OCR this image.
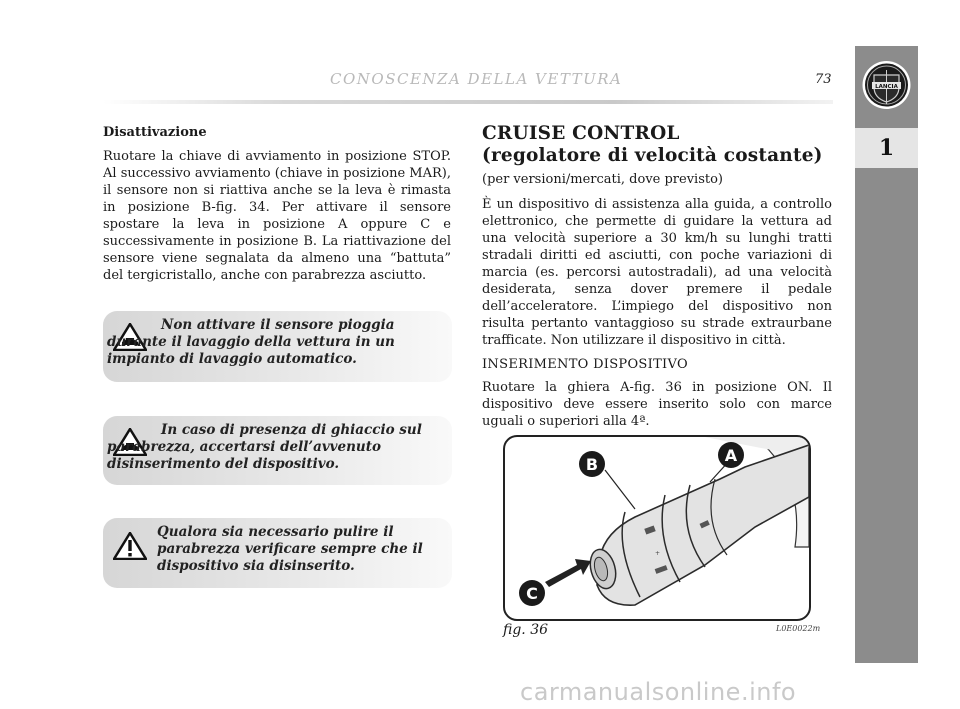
CONOSCENZA DELLA VETTURA	73	LANCIA
1
Disattivazione

Ruotare la chiave di avviamento in posizione STOP. Al successivo avviamento (chiave in posizione MAR), il sensore non si riattiva anche se la leva è rimasta in posizione B-fig. 34. Per attivare il sensore spostare la leva in posizione A oppure C e successivamente in posizione B. La riattivazione del sensore viene segnalata da almeno una “battuta” del tergicristallo, anche con parabrezza asciutto.

Non attivare il sensore pioggia durante il lavaggio della vettura in un impianto di lavaggio automatico.

In caso di presenza di ghiaccio sul parabrezza, accertarsi dell’avvenuto disinserimento del dispositivo.

Qualora sia necessario pulire il parabrezza verificare sempre che il dispositivo sia disinserito.

CRUISE CONTROL
(regolatore di velocità costante)
(per versioni/mercati, dove previsto)

È un dispositivo di assistenza alla guida, a controllo elettronico, che permette di guidare la vettura ad una velocità superiore a 30 km/h su lunghi tratti stradali diritti ed asciutti, con poche variazioni di marcia (es. percorsi autostradali), ad una velocità desiderata, senza dover premere il pedale dell’acceleratore. L’impiego del dispositivo non risulta pertanto vantaggioso su strade extraurbane trafficate. Non utilizzare il dispositivo in città.

INSERIMENTO DISPOSITIVO

Ruotare la ghiera A-fig. 36 in posizione ON. Il dispositivo deve essere inserito solo con marce uguali o superiori alla 4ª.

+
B	A
C
fig. 36	L0E0022m
carmanualsonline.info
